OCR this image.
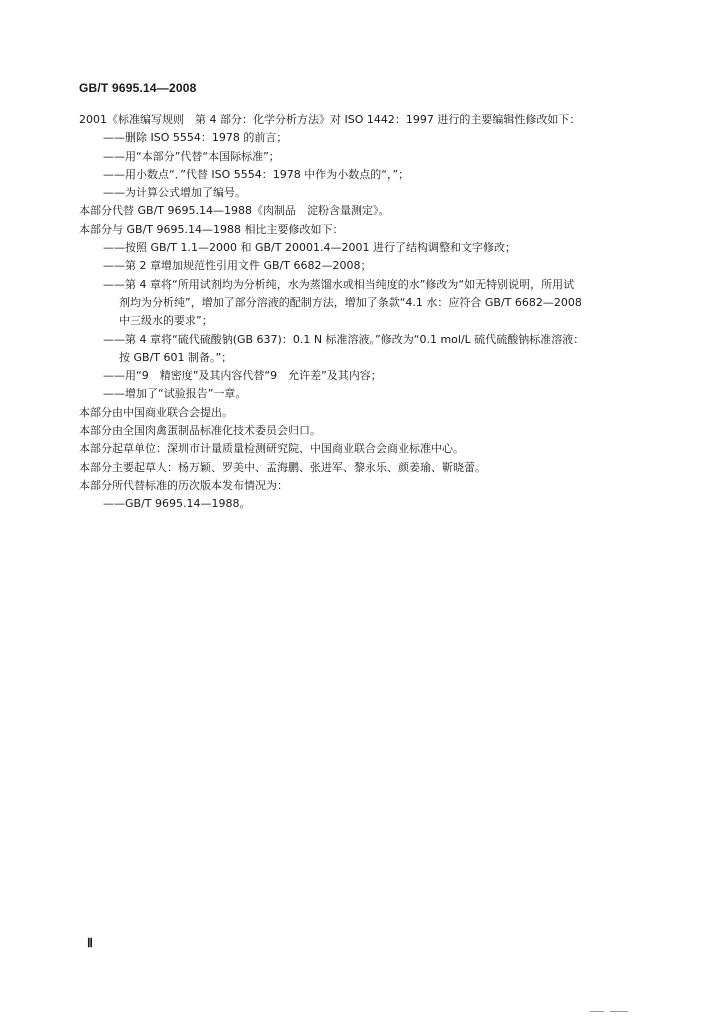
GB/T 9695.14—2008
2001《标准编写规则　第 4 部分：化学分析方法》对 ISO 1442：1997 进行的主要编辑性修改如下：
——删除 ISO 5554：1978 的前言；
——用“本部分”代替“本国际标准”；
——用小数点“．”代替 ISO 5554：1978 中作为小数点的“，”；
——为计算公式增加了编号。
本部分代替 GB/T 9695.14—1988《肉制品　淀粉含量测定》。
本部分与 GB/T 9695.14—1988 相比主要修改如下：
——按照 GB/T 1.1—2000 和 GB/T 20001.4—2001 进行了结构调整和文字修改；
——第 2 章增加规范性引用文件 GB/T 6682—2008；
——第 4 章将“所用试剂均为分析纯，水为蒸馏水或相当纯度的水”修改为“如无特别说明，所用试
剂均为分析纯”，增加了部分溶液的配制方法，增加了条款“4.1 水：应符合 GB/T 6682—2008
中三级水的要求”；
——第 4 章将“硫代硫酸钠(GB 637)：0.1 N 标准溶液。”修改为“0.1 mol/L 硫代硫酸钠标准溶液：
按 GB/T 601 制备。”；
——用“9　精密度”及其内容代替“9　允许差”及其内容；
——增加了“试验报告”一章。
本部分由中国商业联合会提出。
本部分由全国肉禽蛋制品标准化技术委员会归口。
本部分起草单位：深圳市计量质量检测研究院、中国商业联合会商业标准中心。
本部分主要起草人：杨万颖、罗美中、孟海鹏、张进军、黎永乐、颜姜瑜、靳晓蕾。
本部分所代替标准的历次版本发布情况为：
——GB/T 9695.14—1988。
Ⅱ
